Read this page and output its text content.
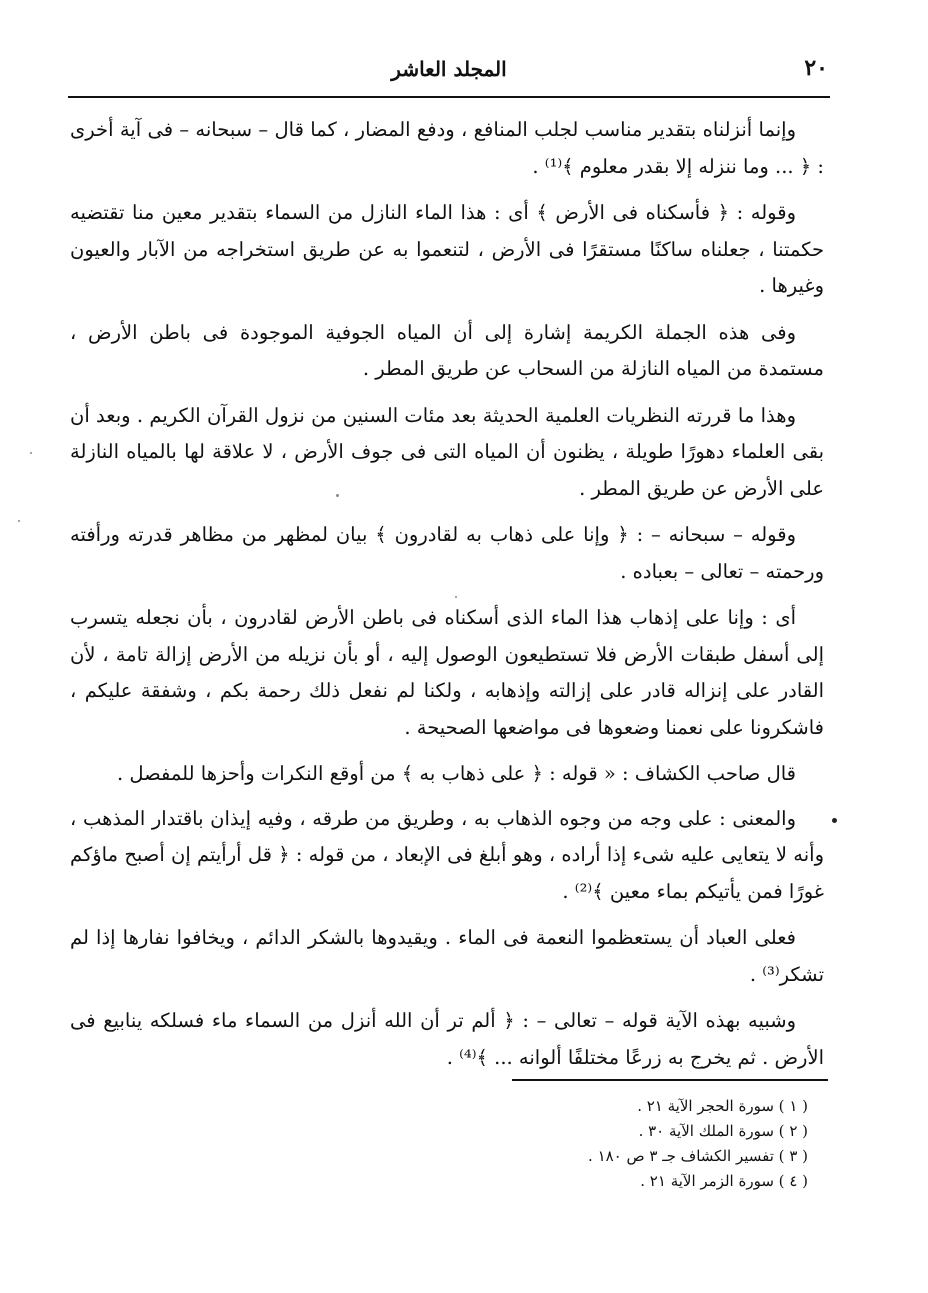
٢٠
المجلد العاشر

وإنما أنزلناه بتقدير مناسب لجلب المنافع ، ودفع المضار ، كما قال – سبحانه – فى آية أخرى : ﴿ ... وما ننزله إلا بقدر معلوم ﴾⁽¹⁾ .

وقوله : ﴿ فأسكناه فى الأرض ﴾ أى : هذا الماء النازل من السماء بتقدير معين منا تقتضيه حكمتنا ، جعلناه ساكنًا مستقرًا فى الأرض ، لتنعموا به عن طريق استخراجه من الآبار والعيون وغيرها .

وفى هذه الجملة الكريمة إشارة إلى أن المياه الجوفية الموجودة فى باطن الأرض ، مستمدة من المياه النازلة من السحاب عن طريق المطر .

وهذا ما قررته النظريات العلمية الحديثة بعد مئات السنين من نزول القرآن الكريم . وبعد أن بقى العلماء دهورًا طويلة ، يظنون أن المياه التى فى جوف الأرض ، لا علاقة لها بالمياه النازلة على الأرض عن طريق المطر .

وقوله – سبحانه – : ﴿ وإنا على ذهاب به لقادرون ﴾ بيان لمظهر من مظاهر قدرته ورأفته ورحمته – تعالى – بعباده .

أى : وإنا على إذهاب هذا الماء الذى أسكناه فى باطن الأرض لقادرون ، بأن نجعله يتسرب إلى أسفل طبقات الأرض فلا تستطيعون الوصول إليه ، أو بأن نزيله من الأرض إزالة تامة ، لأن القادر على إنزاله قادر على إزالته وإذهابه ، ولكنا لم نفعل ذلك رحمة بكم ، وشفقة عليكم ، فاشكرونا على نعمنا وضعوها فى مواضعها الصحيحة .

قال صاحب الكشاف : « قوله : ﴿ على ذهاب به ﴾ من أوقع النكرات وأحزها للمفصل .

والمعنى : على وجه من وجوه الذهاب به ، وطريق من طرقه ، وفيه إيذان باقتدار المذهب ، وأنه لا يتعايى عليه شىء إذا أراده ، وهو أبلغ فى الإبعاد ، من قوله : ﴿ قل أرأيتم إن أصبح ماؤكم غورًا فمن يأتيكم بماء معين ﴾⁽²⁾ .

فعلى العباد أن يستعظموا النعمة فى الماء . ويقيدوها بالشكر الدائم ، ويخافوا نفارها إذا لم تشكر⁽³⁾ .

وشبيه بهذه الآية قوله – تعالى – : ﴿ ألم تر أن الله أنزل من السماء ماء فسلكه ينابيع فى الأرض . ثم يخرج به زرعًا مختلفًا ألوانه ... ﴾⁽⁴⁾ .

( ١ ) سورة الحجر الآية ٢١ .
( ٢ ) سورة الملك الآية ٣٠ .
( ٣ ) تفسير الكشاف جـ ٣ ص ١٨٠ .
( ٤ ) سورة الزمر الآية ٢١ .
